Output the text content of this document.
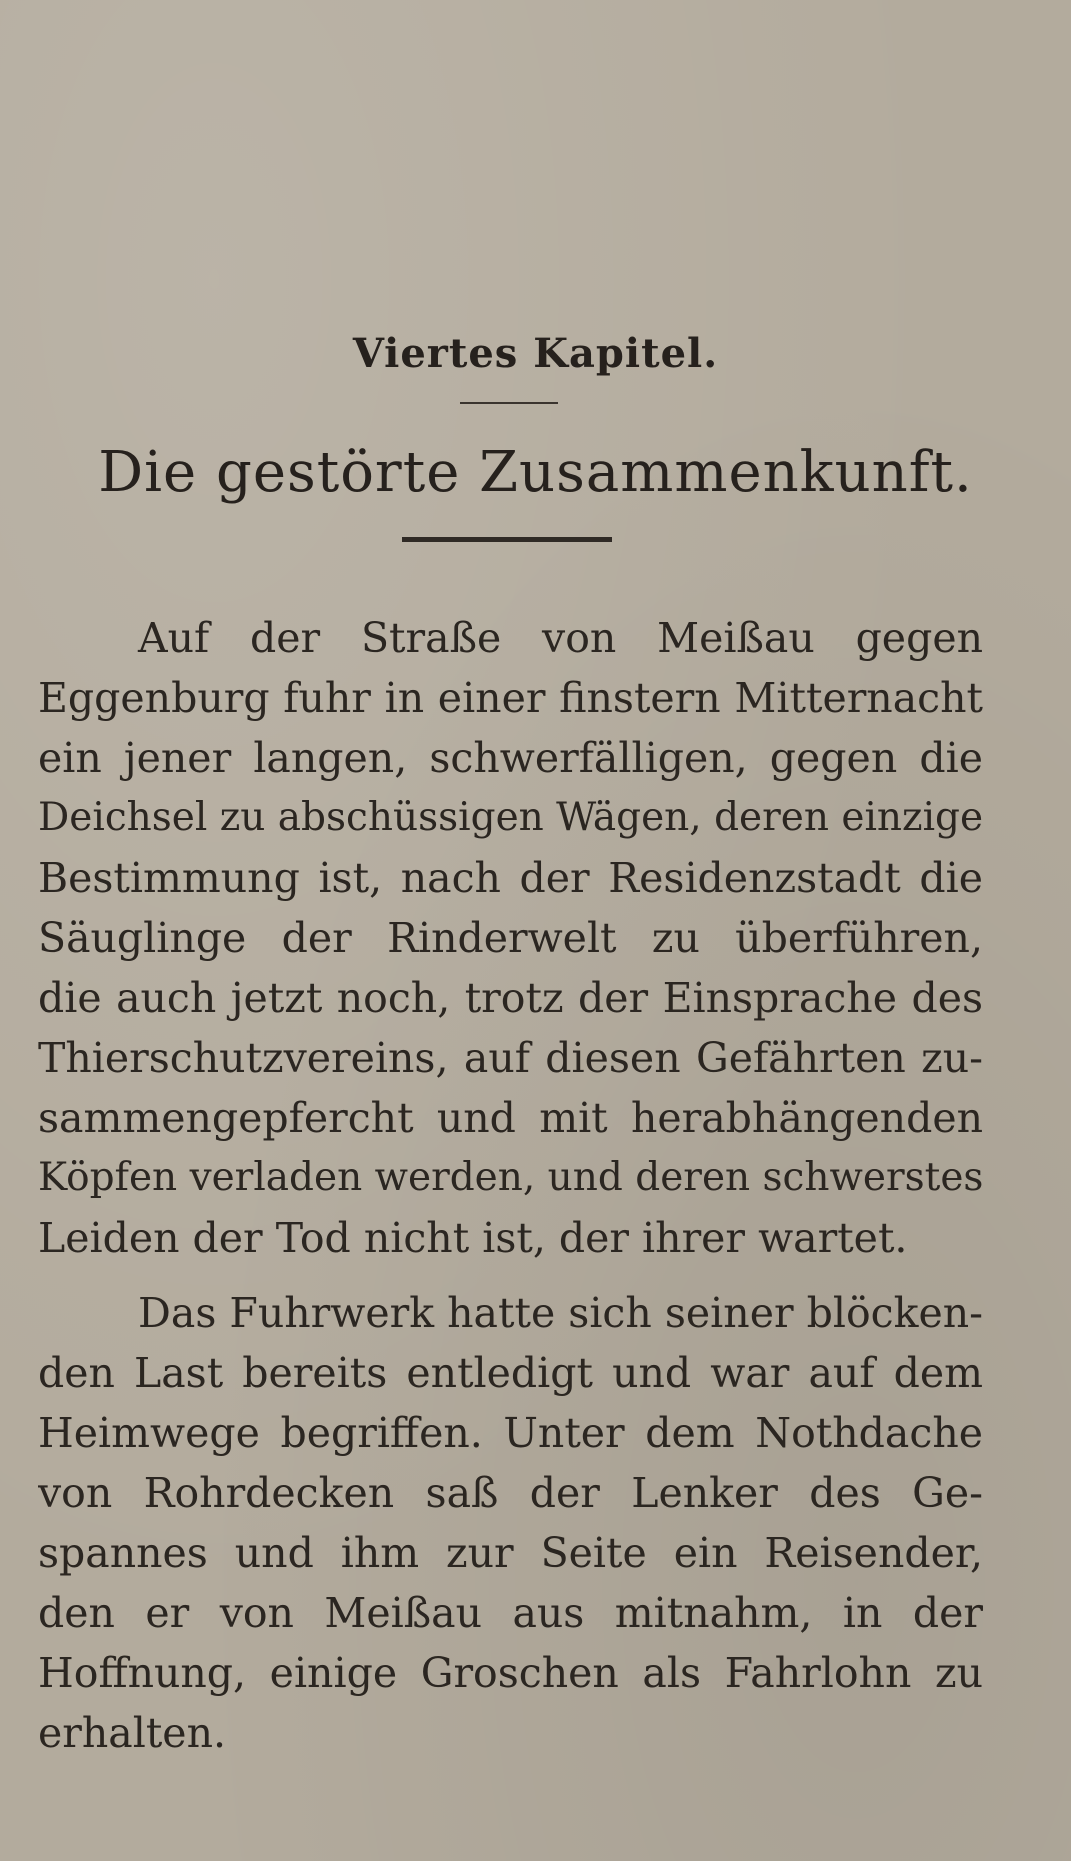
Viertes Kapitel.
Die gestörte Zusammenkunft.
Auf der Straße von Meißau gegen
Eggenburg fuhr in einer finstern Mitternacht
ein jener langen, schwerfälligen, gegen die
Deichsel zu abschüssigen Wägen, deren einzige
Bestimmung ist, nach der Residenzstadt die
Säuglinge der Rinderwelt zu überführen,
die auch jetzt noch, trotz der Einsprache des
Thierschutzvereins, auf diesen Gefährten zu-
sammengepfercht und mit herabhängenden
Köpfen verladen werden, und deren schwerstes
Leiden der Tod nicht ist, der ihrer wartet.
Das Fuhrwerk hatte sich seiner blöcken-
den Last bereits entledigt und war auf dem
Heimwege begriffen. Unter dem Nothdache
von Rohrdecken saß der Lenker des Ge-
spannes und ihm zur Seite ein Reisender,
den er von Meißau aus mitnahm, in der
Hoffnung, einige Groschen als Fahrlohn zu
erhalten.
